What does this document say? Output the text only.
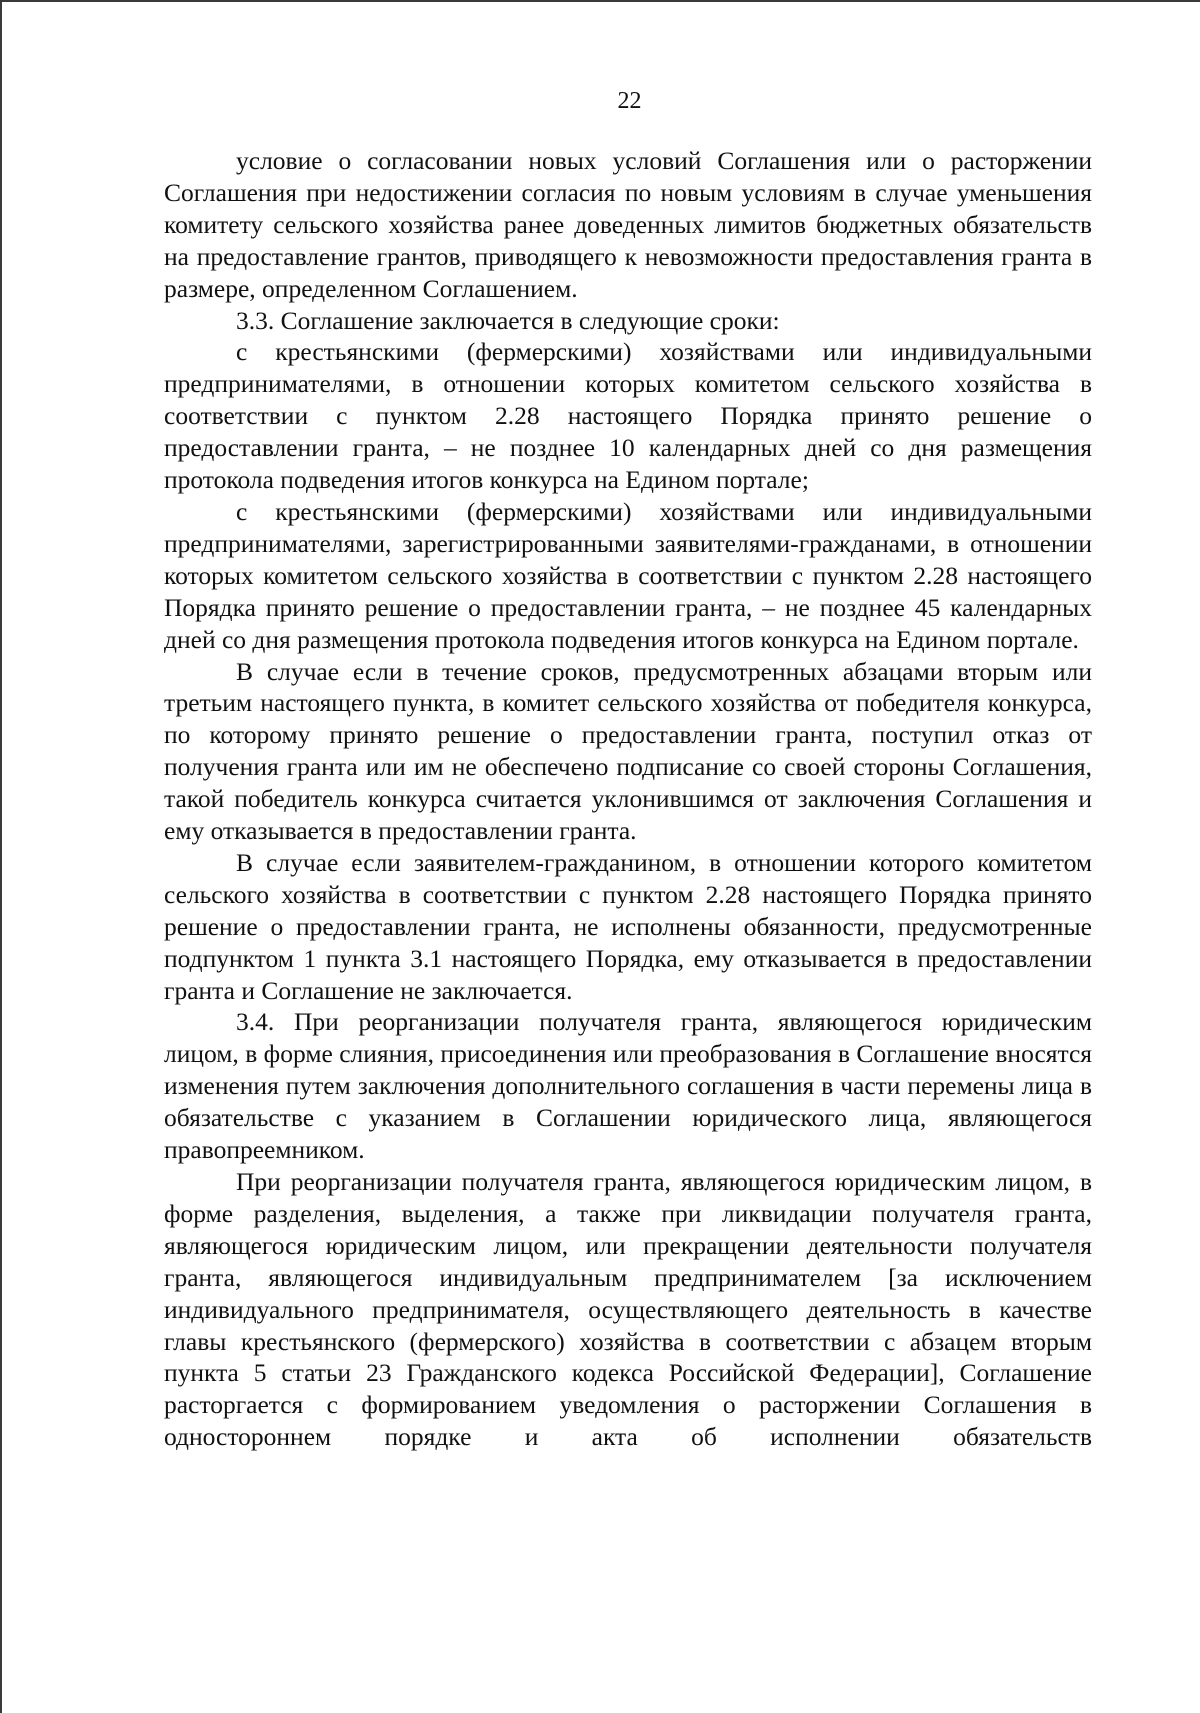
22

условие о согласовании новых условий Соглашения или о расторжении Соглашения при недостижении согласия по новым условиям в случае уменьшения комитету сельского хозяйства ранее доведенных лимитов бюджетных обязательств на предоставление грантов, приводящего к невозможности предоставления гранта в размере, определенном Соглашением.

3.3. Соглашение заключается в следующие сроки:

с крестьянскими (фермерскими) хозяйствами или индивидуальными предпринимателями, в отношении которых комитетом сельского хозяйства в соответствии с пунктом 2.28 настоящего Порядка принято решение о предоставлении гранта, – не позднее 10 календарных дней со дня размещения протокола подведения итогов конкурса на Едином портале;

с крестьянскими (фермерскими) хозяйствами или индивидуальными предпринимателями, зарегистрированными заявителями-гражданами, в отношении которых комитетом сельского хозяйства в соответствии с пунктом 2.28 настоящего Порядка принято решение о предоставлении гранта, – не позднее 45 календарных дней со дня размещения протокола подведения итогов конкурса на Едином портале.

В случае если в течение сроков, предусмотренных абзацами вторым или третьим настоящего пункта, в комитет сельского хозяйства от победителя конкурса, по которому принято решение о предоставлении гранта, поступил отказ от получения гранта или им не обеспечено подписание со своей стороны Соглашения, такой победитель конкурса считается уклонившимся от заключения Соглашения и ему отказывается в предоставлении гранта.

В случае если заявителем-гражданином, в отношении которого комитетом сельского хозяйства в соответствии с пунктом 2.28 настоящего Порядка принято решение о предоставлении гранта, не исполнены обязанности, предусмотренные подпунктом 1 пункта 3.1 настоящего Порядка, ему отказывается в предоставлении гранта и Соглашение не заключается.

3.4. При реорганизации получателя гранта, являющегося юридическим лицом, в форме слияния, присоединения или преобразования в Соглашение вносятся изменения путем заключения дополнительного соглашения в части перемены лица в обязательстве с указанием в Соглашении юридического лица, являющегося правопреемником.

При реорганизации получателя гранта, являющегося юридическим лицом, в форме разделения, выделения, а также при ликвидации получателя гранта, являющегося юридическим лицом, или прекращении деятельности получателя гранта, являющегося индивидуальным предпринимателем [за исключением индивидуального предпринимателя, осуществляющего деятельность в качестве главы крестьянского (фермерского) хозяйства в соответствии с абзацем вторым пункта 5 статьи 23 Гражданского кодекса Российской Федерации], Соглашение расторгается с формированием уведомления о расторжении Соглашения в одностороннем порядке и акта об исполнении обязательств
